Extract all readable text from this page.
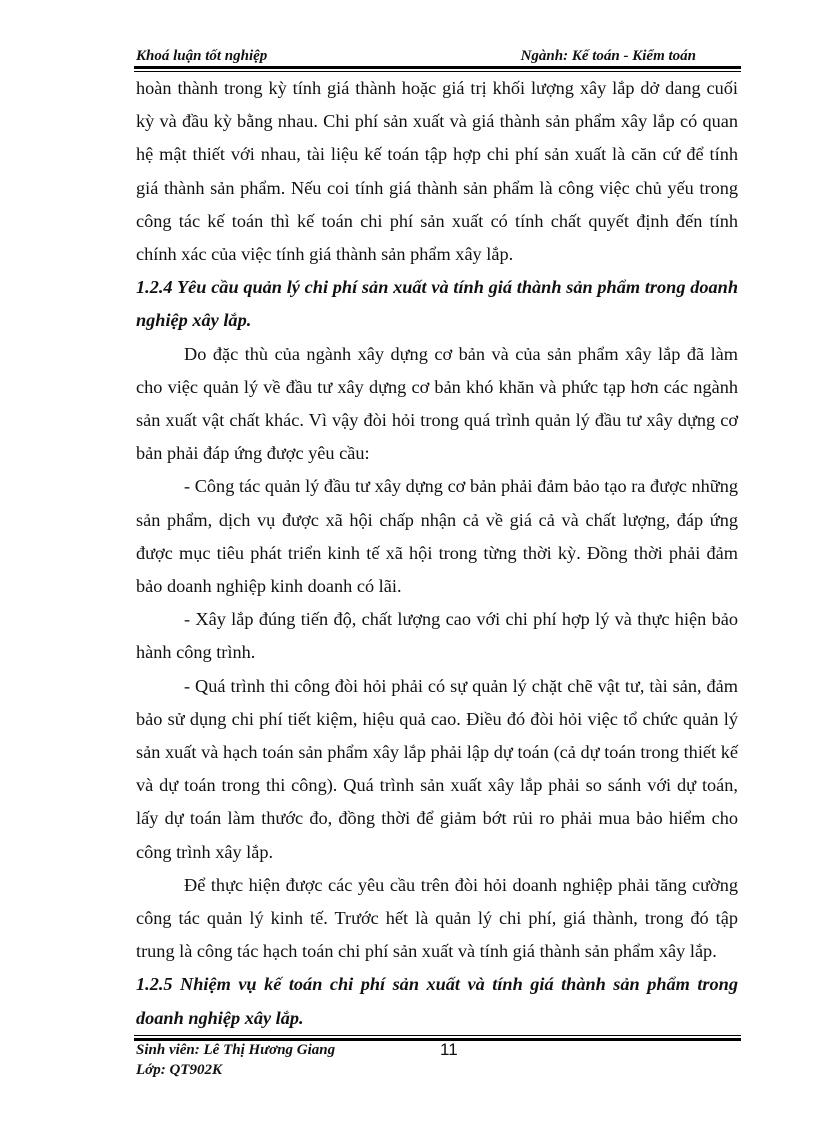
Khoá luận tốt nghiệp	Ngành: Kế toán - Kiểm toán

hoàn thành trong kỳ tính giá thành hoặc giá trị khối lượng xây lắp dở dang cuối kỳ và đầu kỳ bằng nhau. Chi phí sản xuất và giá thành sản phẩm xây lắp có quan hệ mật thiết với nhau, tài liệu kế toán tập hợp chi phí sản xuất là căn cứ để tính giá thành sản phẩm. Nếu coi tính giá thành sản phẩm là công việc chủ yếu trong công tác kế toán thì kế toán chi phí sản xuất có tính chất quyết định đến tính chính xác của việc tính giá thành sản phẩm xây lắp.

1.2.4 Yêu cầu quản lý chi phí sản xuất và tính giá thành sản phẩm trong doanh nghiệp xây lắp.

Do đặc thù của ngành xây dựng cơ bản và của sản phẩm xây lắp đã làm cho việc quản lý về đầu tư xây dựng cơ bản khó khăn và phức tạp hơn các ngành sản xuất vật chất khác. Vì vậy đòi hỏi trong quá trình quản lý đầu tư xây dựng cơ bản phải đáp ứng được yêu cầu:

- Công tác quản lý đầu tư xây dựng cơ bản phải đảm bảo tạo ra được những sản phẩm, dịch vụ được xã hội chấp nhận cả về giá cả và chất lượng, đáp ứng được mục tiêu phát triển kinh tế xã hội trong từng thời kỳ. Đồng thời phải đảm bảo doanh nghiệp kinh doanh có lãi.

- Xây lắp đúng tiến độ, chất lượng cao với chi phí hợp lý và thực hiện bảo hành công trình.

- Quá trình thi công đòi hỏi phải có sự quản lý chặt chẽ vật tư, tài sản, đảm bảo sử dụng chi phí tiết kiệm, hiệu quả cao. Điều đó đòi hỏi việc tổ chức quản lý sản xuất và hạch toán sản phẩm xây lắp phải lập dự toán (cả dự toán trong thiết kế và dự toán trong thi công). Quá trình sản xuất xây lắp phải so sánh với dự toán, lấy dự toán làm thước đo, đồng thời để giảm bớt rủi ro phải mua bảo hiểm cho công trình xây lắp.

Để thực hiện được các yêu cầu trên đòi hỏi doanh nghiệp phải tăng cường công tác quản lý kinh tế. Trước hết là quản lý chi phí, giá thành, trong đó tập trung là công tác hạch toán chi phí sản xuất và tính giá thành sản phẩm xây lắp.

1.2.5 Nhiệm vụ kế toán chi phí sản xuất và tính giá thành sản phẩm trong doanh nghiệp xây lắp.

Sinh viên: Lê Thị Hương Giang
Lớp: QT902K
11
